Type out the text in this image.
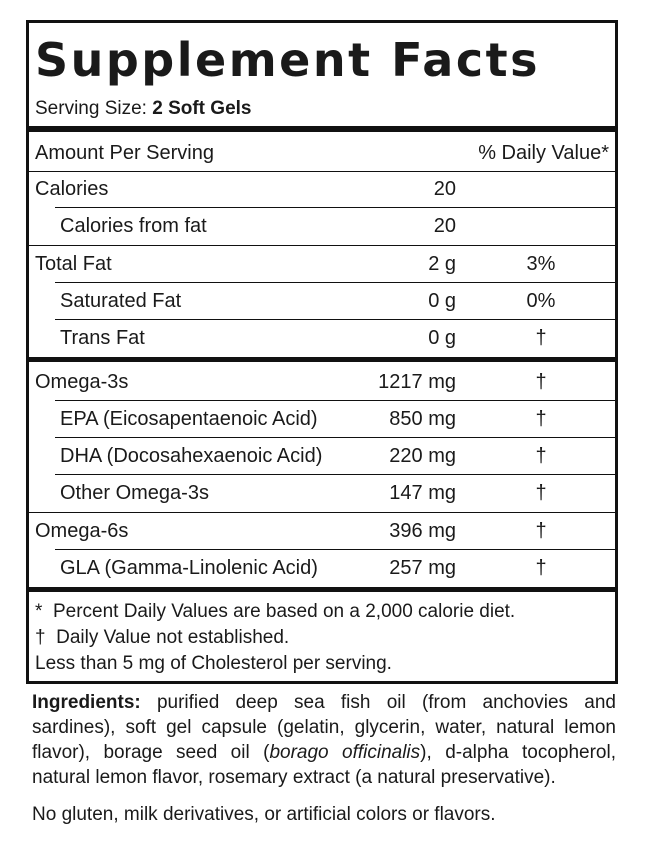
Supplement Facts
Serving Size: 2 Soft Gels
Amount Per Serving	% Daily Value*
Calories	20
Calories from fat	20
Total Fat	2 g	3%
Saturated Fat	0 g	0%
Trans Fat	0 g	†
Omega-3s	1217 mg	†
EPA (Eicosapentaenoic Acid)	850 mg	†
DHA (Docosahexaenoic Acid)	220 mg	†
Other Omega-3s	147 mg	†
Omega-6s	396 mg	†
GLA (Gamma-Linolenic Acid)	257 mg	†
*  Percent Daily Values are based on a 2,000 calorie diet.
†  Daily Value not established.
Less than 5 mg of Cholesterol per serving.
Ingredients: purified deep sea fish oil (from anchovies and sardines), soft gel capsule (gelatin, glycerin, water, natural lemon flavor), borage seed oil (borago officinalis), d-alpha tocopherol, natural lemon flavor, rosemary extract (a natural preservative).
No gluten, milk derivatives, or artificial colors or flavors.
